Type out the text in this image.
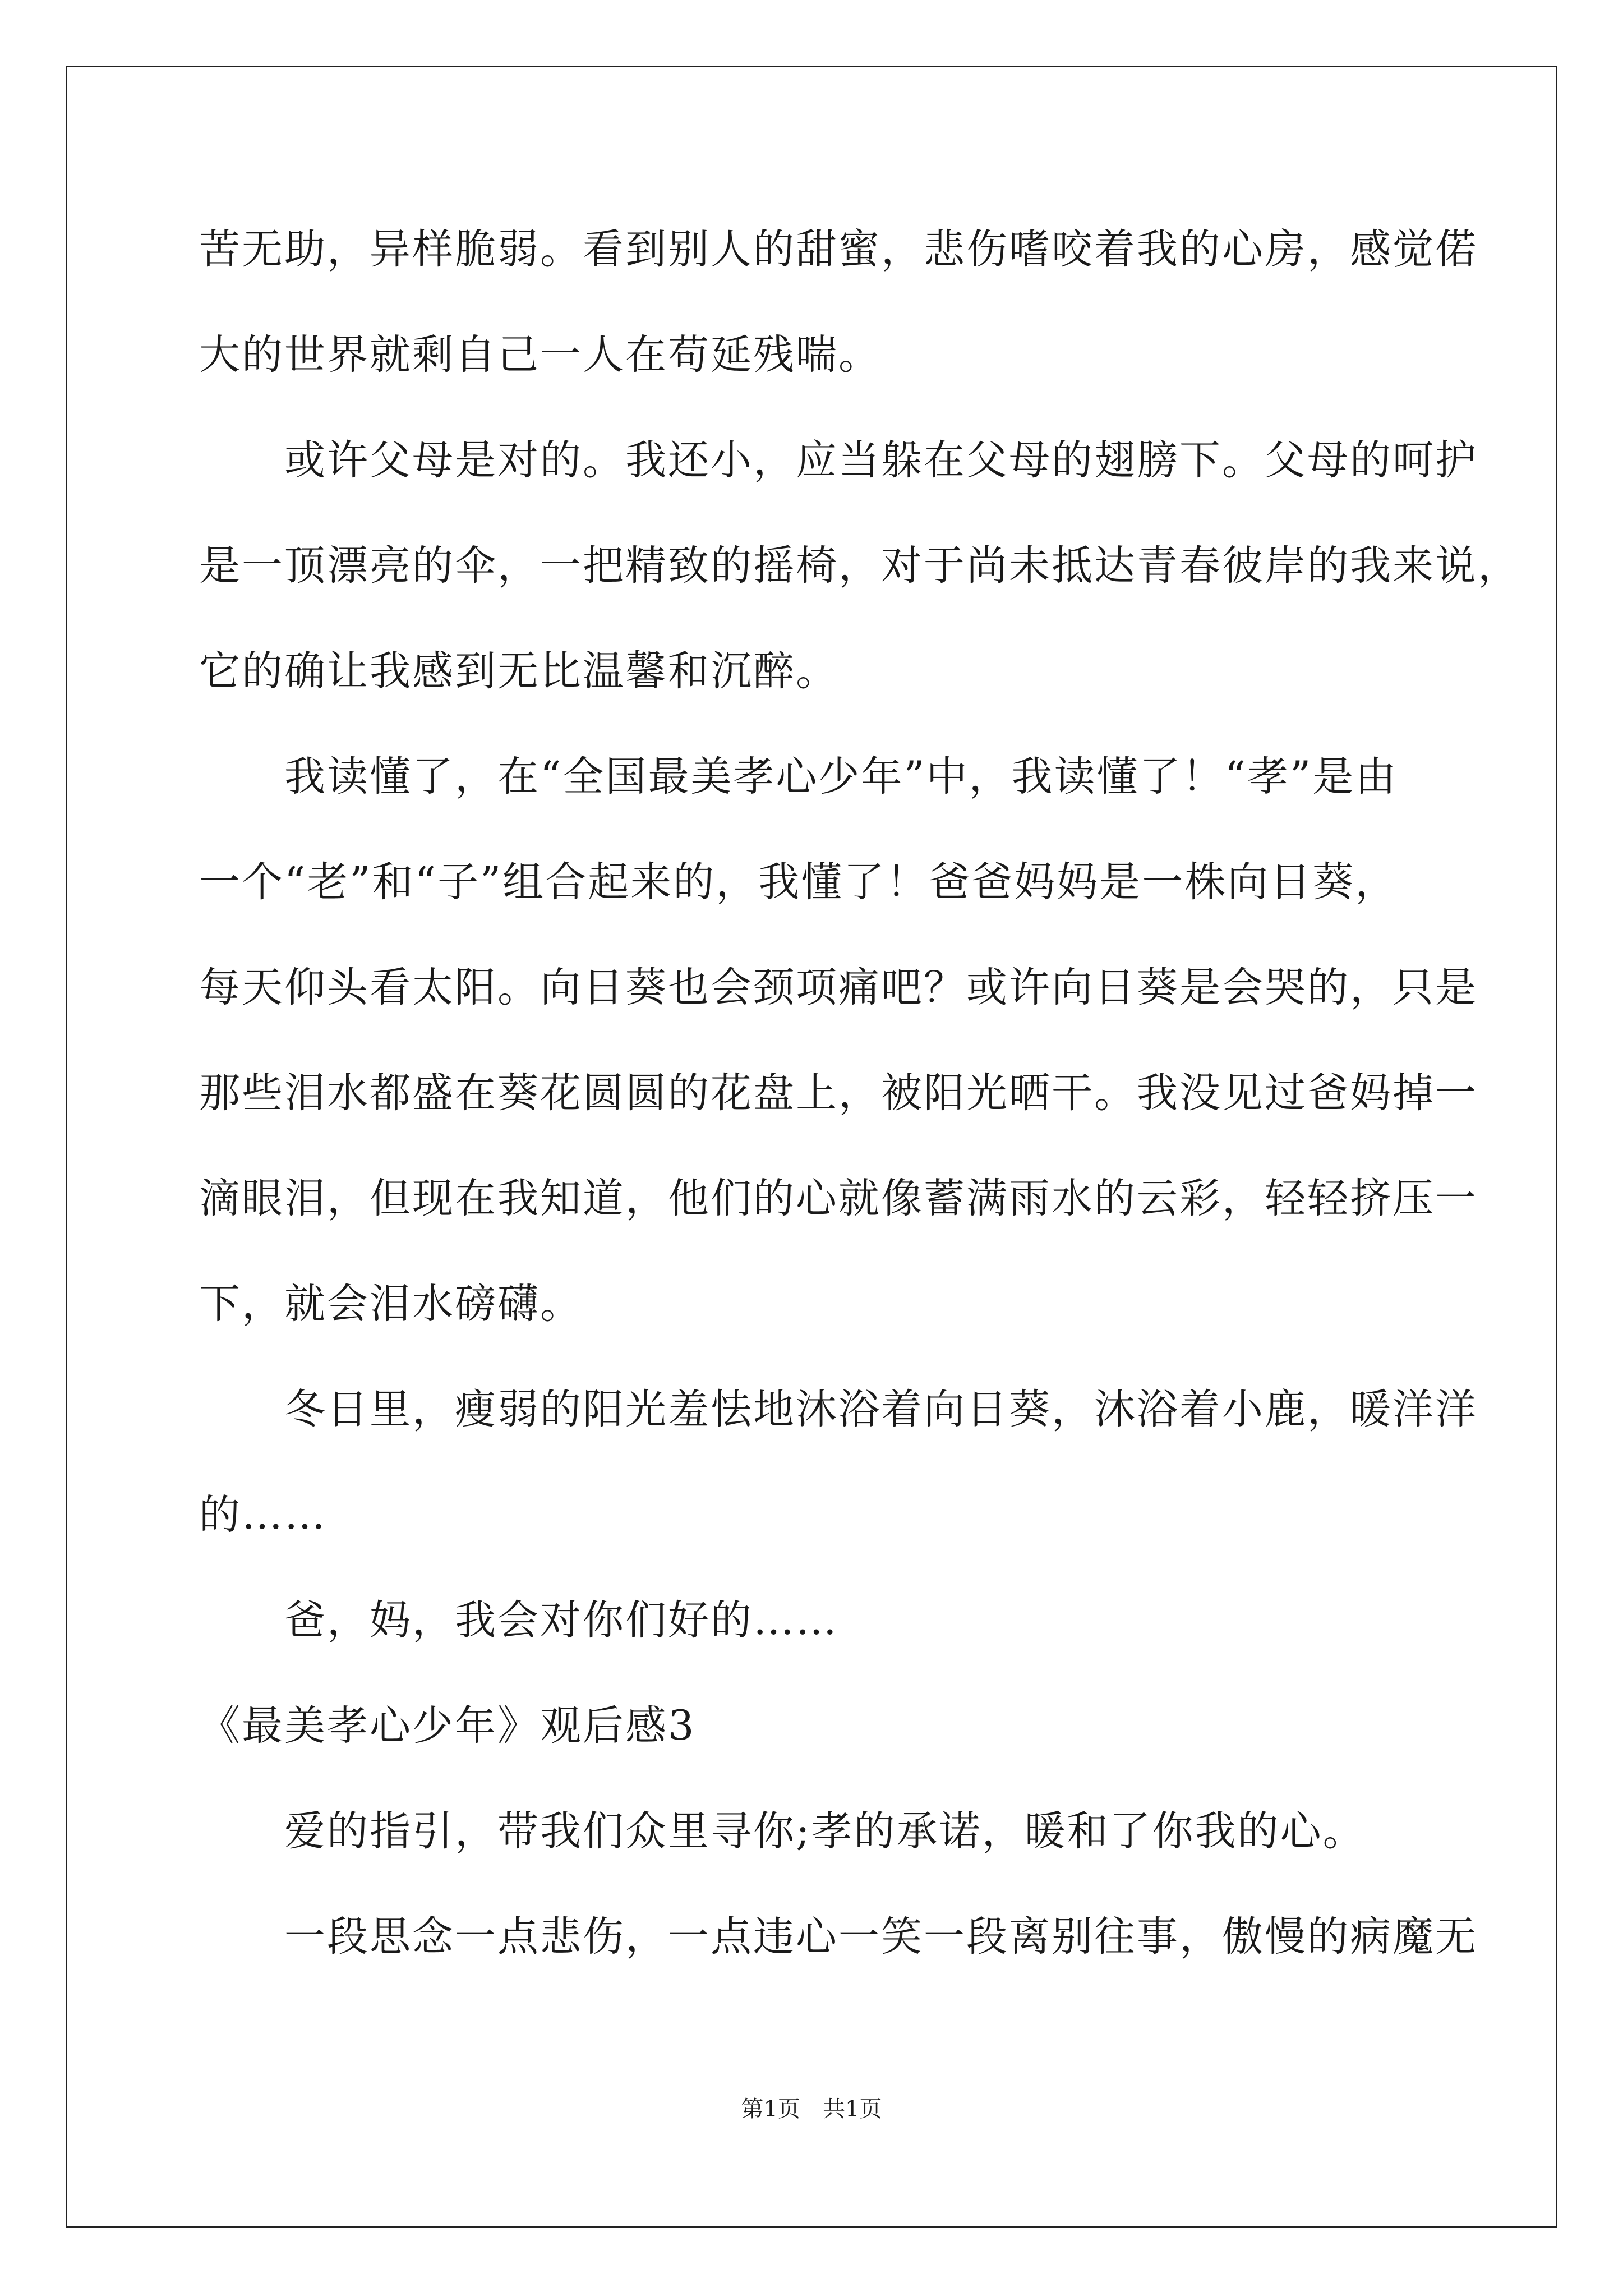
苦无助，异样脆弱。看到别人的甜蜜，悲伤嗜咬着我的心房，感觉偌
大的世界就剩自己一人在苟延残喘。
　　或许父母是对的。我还小，应当躲在父母的翅膀下。父母的呵护
是一顶漂亮的伞，一把精致的摇椅，对于尚未抵达青春彼岸的我来说，
它的确让我感到无比温馨和沉醉。
　　我读懂了，在“全国最美孝心少年”中，我读懂了！“孝”是由
一个“老”和“子”组合起来的，我懂了！爸爸妈妈是一株向日葵，
每天仰头看太阳。向日葵也会颈项痛吧？或许向日葵是会哭的，只是
那些泪水都盛在葵花圆圆的花盘上，被阳光晒干。我没见过爸妈掉一
滴眼泪，但现在我知道，他们的心就像蓄满雨水的云彩，轻轻挤压一
下，就会泪水磅礴。
　　冬日里，瘦弱的阳光羞怯地沐浴着向日葵，沐浴着小鹿，暖洋洋
的……
　　爸，妈，我会对你们好的……
《最美孝心少年》观后感3
　　爱的指引，带我们众里寻你;孝的承诺，暖和了你我的心。
　　一段思念一点悲伤，一点违心一笑一段离别往事，傲慢的病魔无
第1页　共1页
